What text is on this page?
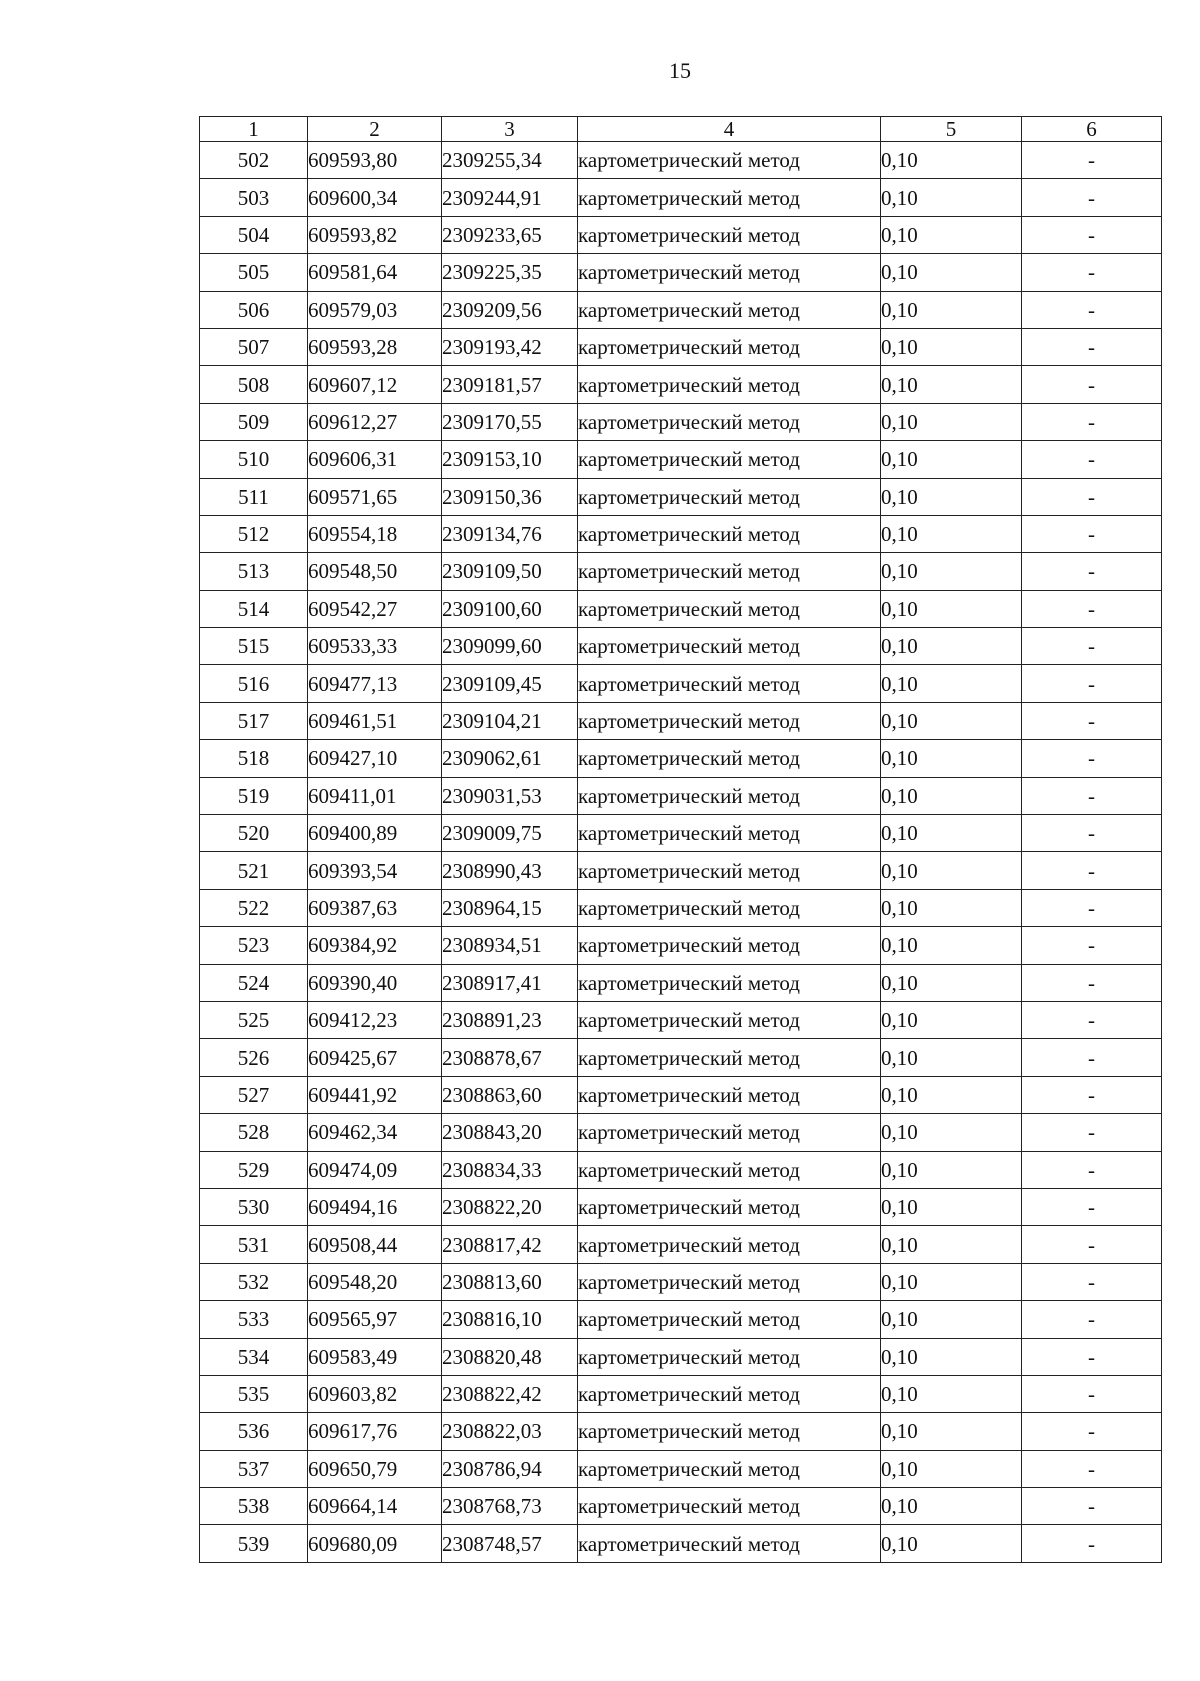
15
1	2	3	4	5	6
502	609593,80	2309255,34	картометрический метод	0,10	-
503	609600,34	2309244,91	картометрический метод	0,10	-
504	609593,82	2309233,65	картометрический метод	0,10	-
505	609581,64	2309225,35	картометрический метод	0,10	-
506	609579,03	2309209,56	картометрический метод	0,10	-
507	609593,28	2309193,42	картометрический метод	0,10	-
508	609607,12	2309181,57	картометрический метод	0,10	-
509	609612,27	2309170,55	картометрический метод	0,10	-
510	609606,31	2309153,10	картометрический метод	0,10	-
511	609571,65	2309150,36	картометрический метод	0,10	-
512	609554,18	2309134,76	картометрический метод	0,10	-
513	609548,50	2309109,50	картометрический метод	0,10	-
514	609542,27	2309100,60	картометрический метод	0,10	-
515	609533,33	2309099,60	картометрический метод	0,10	-
516	609477,13	2309109,45	картометрический метод	0,10	-
517	609461,51	2309104,21	картометрический метод	0,10	-
518	609427,10	2309062,61	картометрический метод	0,10	-
519	609411,01	2309031,53	картометрический метод	0,10	-
520	609400,89	2309009,75	картометрический метод	0,10	-
521	609393,54	2308990,43	картометрический метод	0,10	-
522	609387,63	2308964,15	картометрический метод	0,10	-
523	609384,92	2308934,51	картометрический метод	0,10	-
524	609390,40	2308917,41	картометрический метод	0,10	-
525	609412,23	2308891,23	картометрический метод	0,10	-
526	609425,67	2308878,67	картометрический метод	0,10	-
527	609441,92	2308863,60	картометрический метод	0,10	-
528	609462,34	2308843,20	картометрический метод	0,10	-
529	609474,09	2308834,33	картометрический метод	0,10	-
530	609494,16	2308822,20	картометрический метод	0,10	-
531	609508,44	2308817,42	картометрический метод	0,10	-
532	609548,20	2308813,60	картометрический метод	0,10	-
533	609565,97	2308816,10	картометрический метод	0,10	-
534	609583,49	2308820,48	картометрический метод	0,10	-
535	609603,82	2308822,42	картометрический метод	0,10	-
536	609617,76	2308822,03	картометрический метод	0,10	-
537	609650,79	2308786,94	картометрический метод	0,10	-
538	609664,14	2308768,73	картометрический метод	0,10	-
539	609680,09	2308748,57	картометрический метод	0,10	-
